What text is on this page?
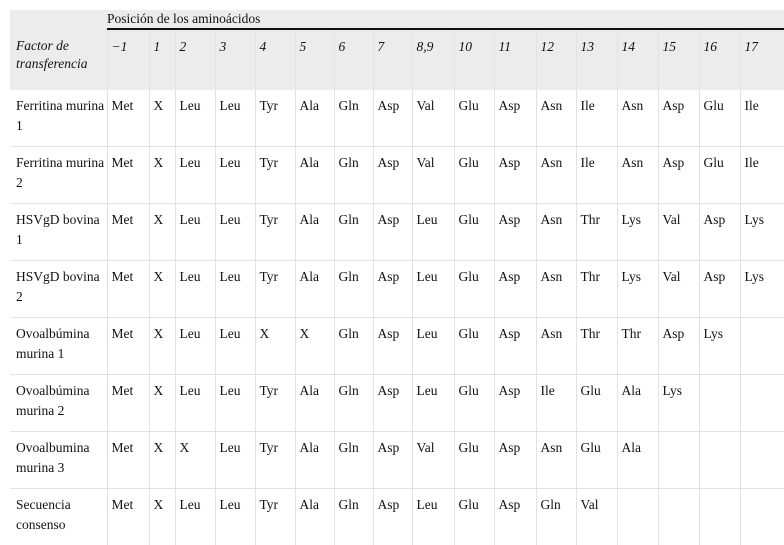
	Posición de los aminoácidos																
Factor de transferencia	−1	1	2	3	4	5	6	7	8,9	10	11	12	13	14	15	16	17
Ferritina murina 1	Met	X	Leu	Leu	Tyr	Ala	Gln	Asp	Val	Glu	Asp	Asn	Ile	Asn	Asp	Glu	Ile
Ferritina murina 2	Met	X	Leu	Leu	Tyr	Ala	Gln	Asp	Val	Glu	Asp	Asn	Ile	Asn	Asp	Glu	Ile
HSVgD bovina 1	Met	X	Leu	Leu	Tyr	Ala	Gln	Asp	Leu	Glu	Asp	Asn	Thr	Lys	Val	Asp	Lys
HSVgD bovina 2	Met	X	Leu	Leu	Tyr	Ala	Gln	Asp	Leu	Glu	Asp	Asn	Thr	Lys	Val	Asp	Lys
Ovoalbúmina murina 1	Met	X	Leu	Leu	X	X	Gln	Asp	Leu	Glu	Asp	Asn	Thr	Thr	Asp	Lys	
Ovoalbúmina murina 2	Met	X	Leu	Leu	Tyr	Ala	Gln	Asp	Leu	Glu	Asp	Ile	Glu	Ala	Lys		
Ovoalbumina murina 3	Met	X	X	Leu	Tyr	Ala	Gln	Asp	Val	Glu	Asp	Asn	Glu	Ala			
Secuencia consenso	Met	X	Leu	Leu	Tyr	Ala	Gln	Asp	Leu	Glu	Asp	Gln	Val				
